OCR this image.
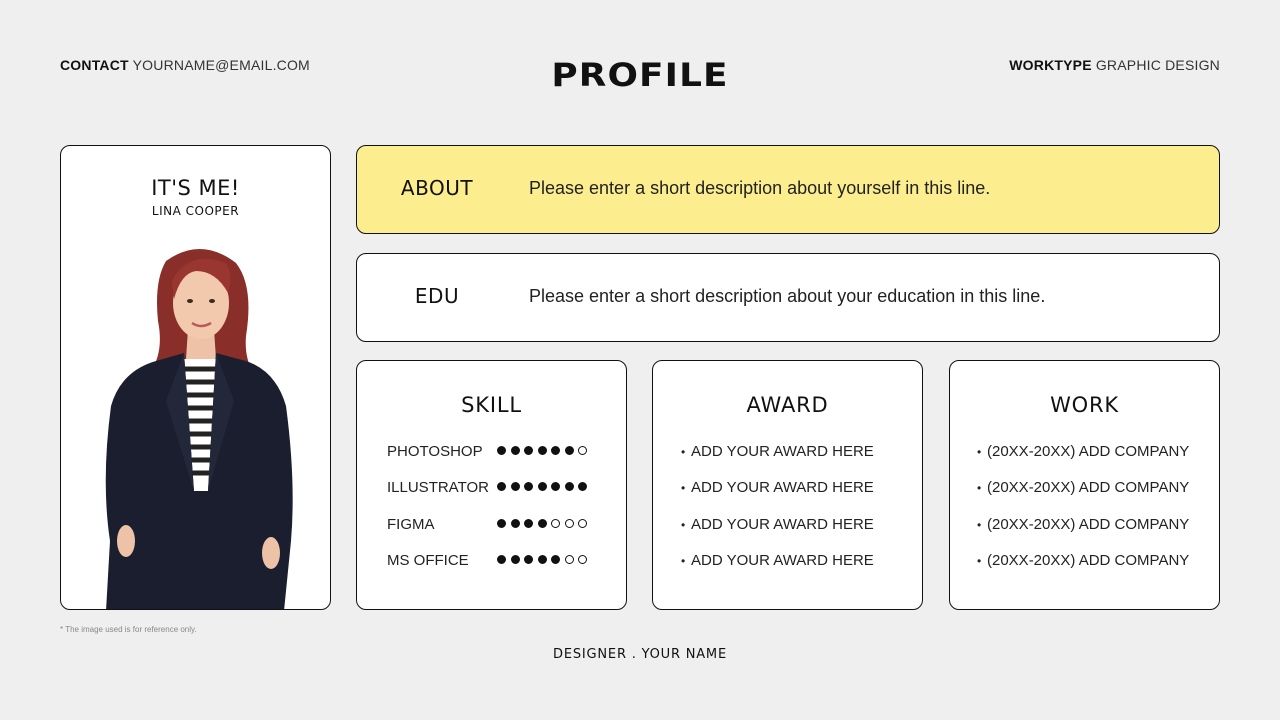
CONTACT YOURNAME@EMAIL.COM	PROFILE	WORKTYPE GRAPHIC DESIGN
IT'S ME!
LINA COOPER
ABOUT	Please enter a short description about yourself in this line.
EDU	Please enter a short description about your education in this line.
SKILL
PHOTOSHOP
ILLUSTRATOR
FIGMA
MS OFFICE
AWARD
• ADD YOUR AWARD HERE
• ADD YOUR AWARD HERE
• ADD YOUR AWARD HERE
• ADD YOUR AWARD HERE
WORK
• (20XX-20XX) ADD COMPANY
• (20XX-20XX) ADD COMPANY
• (20XX-20XX) ADD COMPANY
• (20XX-20XX) ADD COMPANY
* The image used is for reference only.
DESIGNER . YOUR NAME
